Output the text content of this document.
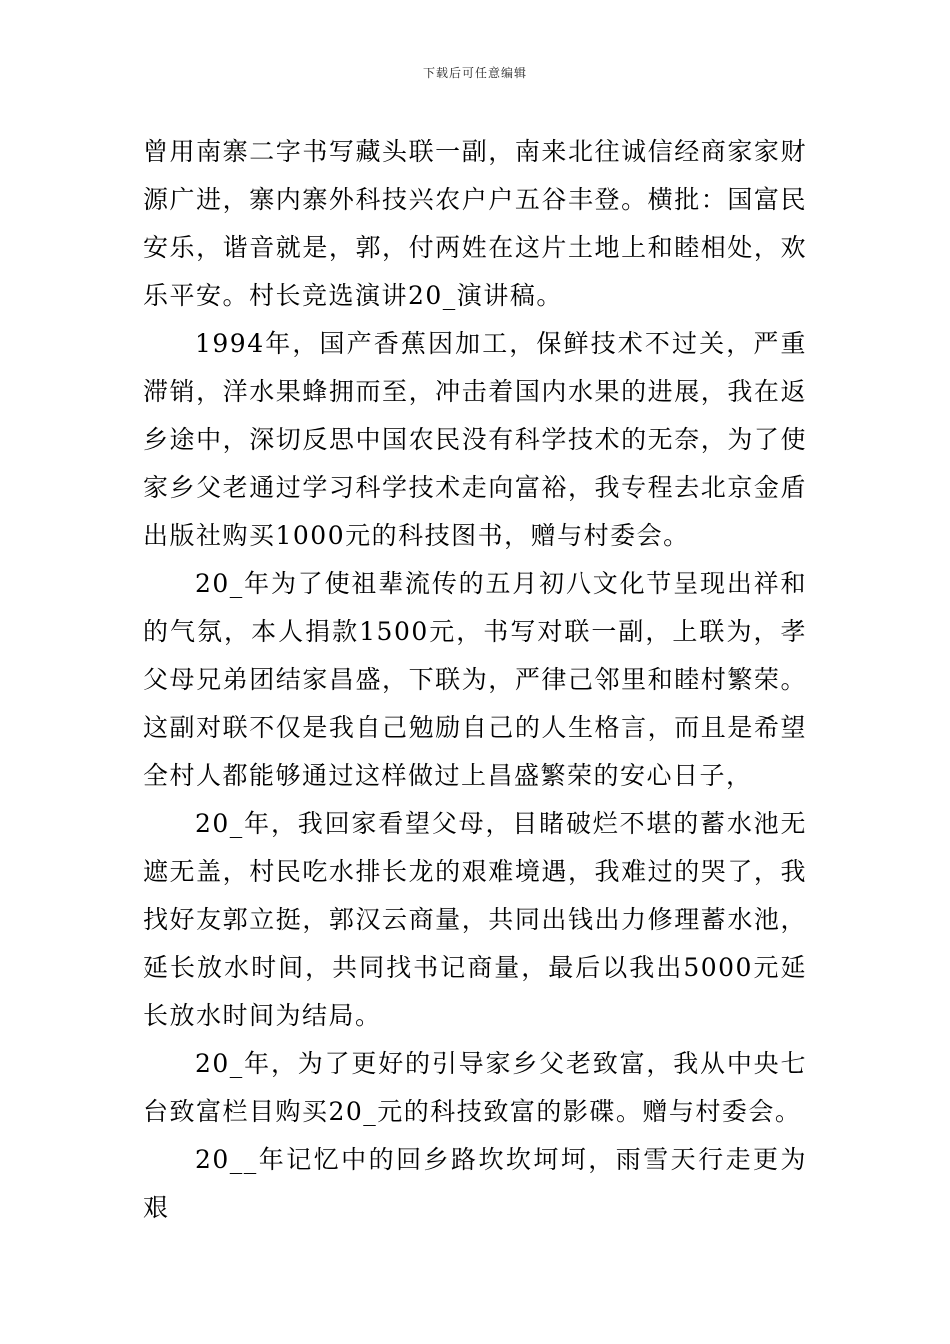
下载后可任意编辑

曾用南寨二字书写藏头联一副，南来北往诚信经商家家财源广进，寨内寨外科技兴农户户五谷丰登。横批：国富民安乐，谐音就是，郭，付两姓在这片土地上和睦相处，欢乐平安。村长竞选演讲20_演讲稿。

1994年，国产香蕉因加工，保鲜技术不过关，严重滞销，洋水果蜂拥而至，冲击着国内水果的进展，我在返乡途中，深切反思中国农民没有科学技术的无奈，为了使家乡父老通过学习科学技术走向富裕，我专程去北京金盾出版社购买1000元的科技图书，赠与村委会。

20_年为了使祖辈流传的五月初八文化节呈现出祥和的气氛，本人捐款1500元，书写对联一副，上联为，孝父母兄弟团结家昌盛，下联为，严律己邻里和睦村繁荣。这副对联不仅是我自己勉励自己的人生格言，而且是希望全村人都能够通过这样做过上昌盛繁荣的安心日子，

20_年，我回家看望父母，目睹破烂不堪的蓄水池无遮无盖，村民吃水排长龙的艰难境遇，我难过的哭了，我找好友郭立挺，郭汉云商量，共同出钱出力修理蓄水池，延长放水时间，共同找书记商量，最后以我出5000元延长放水时间为结局。

20_年，为了更好的引导家乡父老致富，我从中央七台致富栏目购买20_元的科技致富的影碟。赠与村委会。

20__年记忆中的回乡路坎坎坷坷，雨雪天行走更为艰
